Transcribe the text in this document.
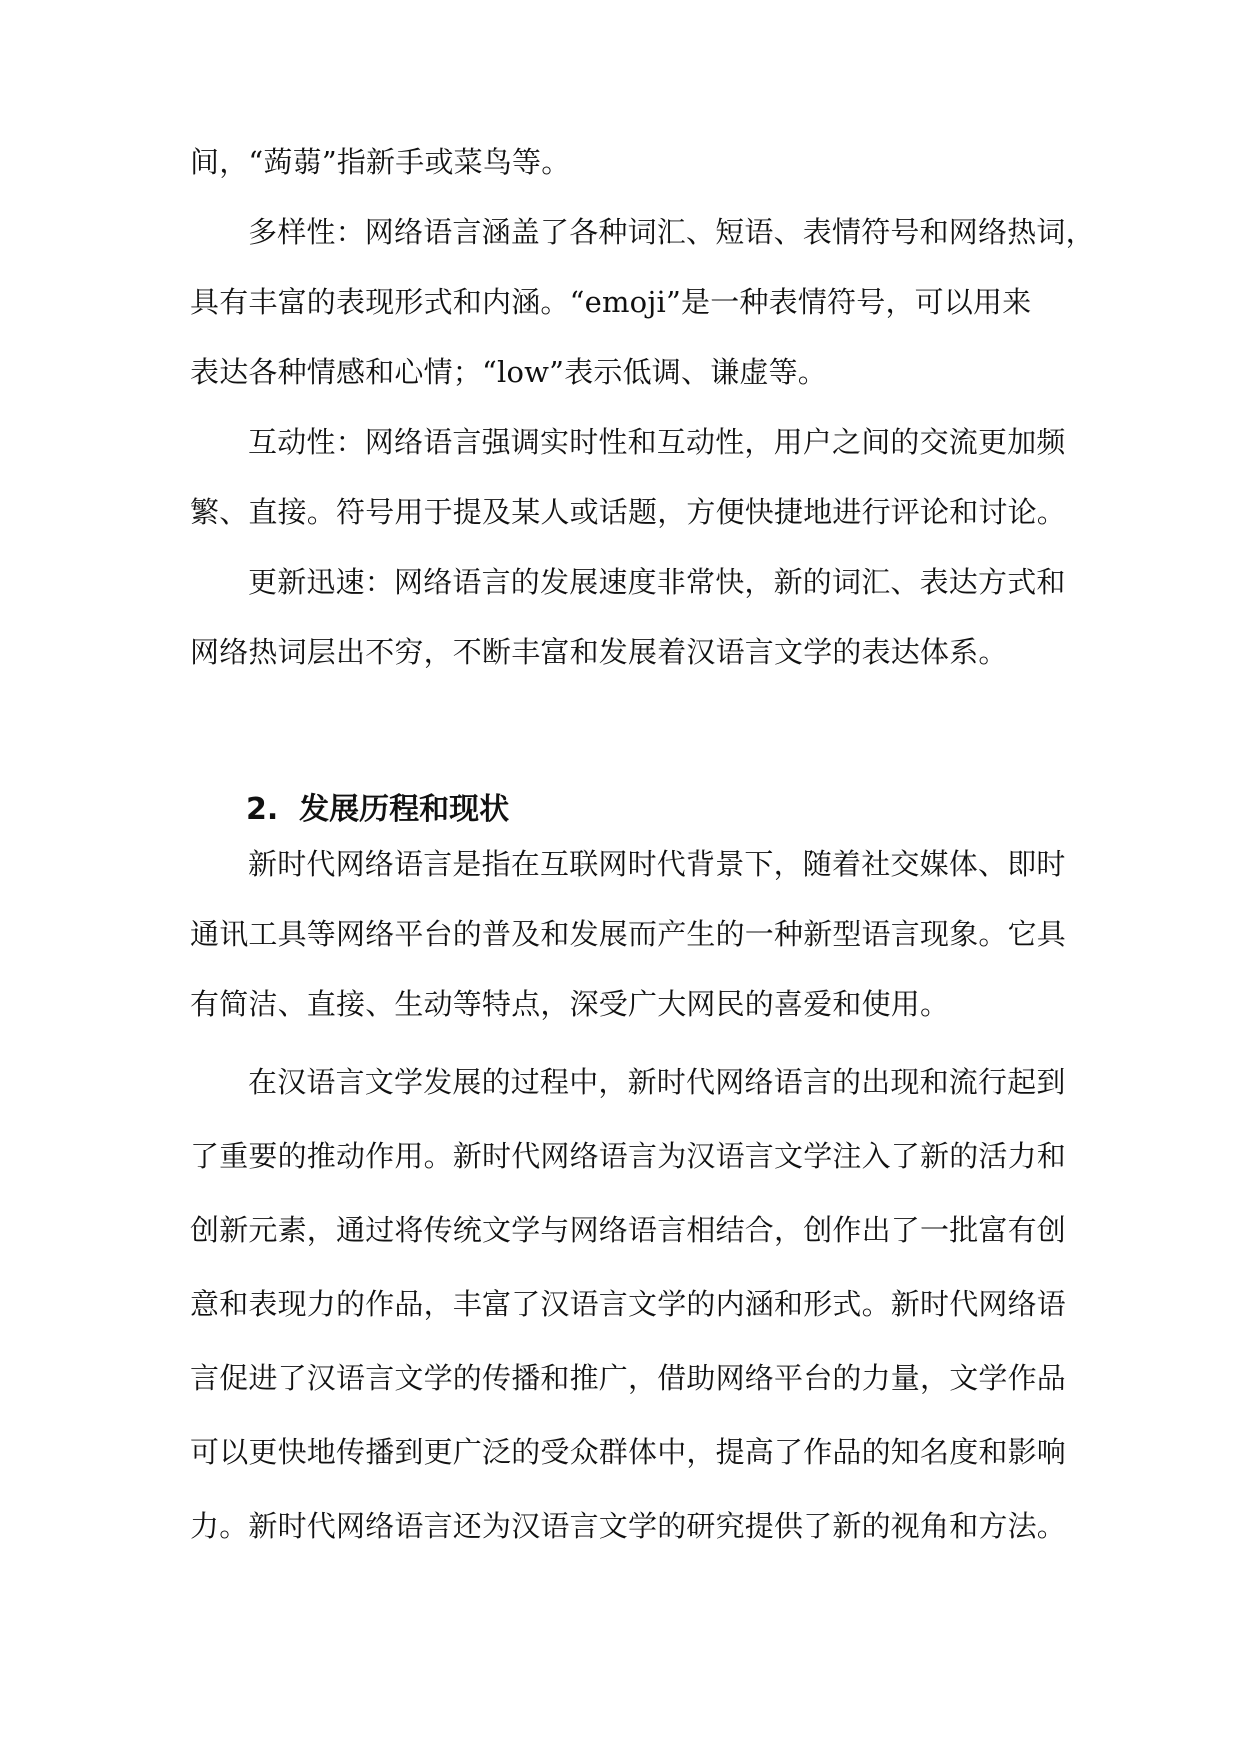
间，“蒟蒻”指新手或菜鸟等。

多样性：网络语言涵盖了各种词汇、短语、表情符号和网络热词，

具有丰富的表现形式和内涵。“emoji”是一种表情符号，可以用来

表达各种情感和心情；“low”表示低调、谦虚等。

互动性：网络语言强调实时性和互动性，用户之间的交流更加频

繁、直接。符号用于提及某人或话题，方便快捷地进行评论和讨论。

更新迅速：网络语言的发展速度非常快，新的词汇、表达方式和

网络热词层出不穷，不断丰富和发展着汉语言文学的表达体系。

2.  发展历程和现状

新时代网络语言是指在互联网时代背景下，随着社交媒体、即时

通讯工具等网络平台的普及和发展而产生的一种新型语言现象。它具

有简洁、直接、生动等特点，深受广大网民的喜爱和使用。

在汉语言文学发展的过程中，新时代网络语言的出现和流行起到

了重要的推动作用。新时代网络语言为汉语言文学注入了新的活力和

创新元素，通过将传统文学与网络语言相结合，创作出了一批富有创

意和表现力的作品，丰富了汉语言文学的内涵和形式。新时代网络语

言促进了汉语言文学的传播和推广，借助网络平台的力量，文学作品

可以更快地传播到更广泛的受众群体中，提高了作品的知名度和影响

力。新时代网络语言还为汉语言文学的研究提供了新的视角和方法。
